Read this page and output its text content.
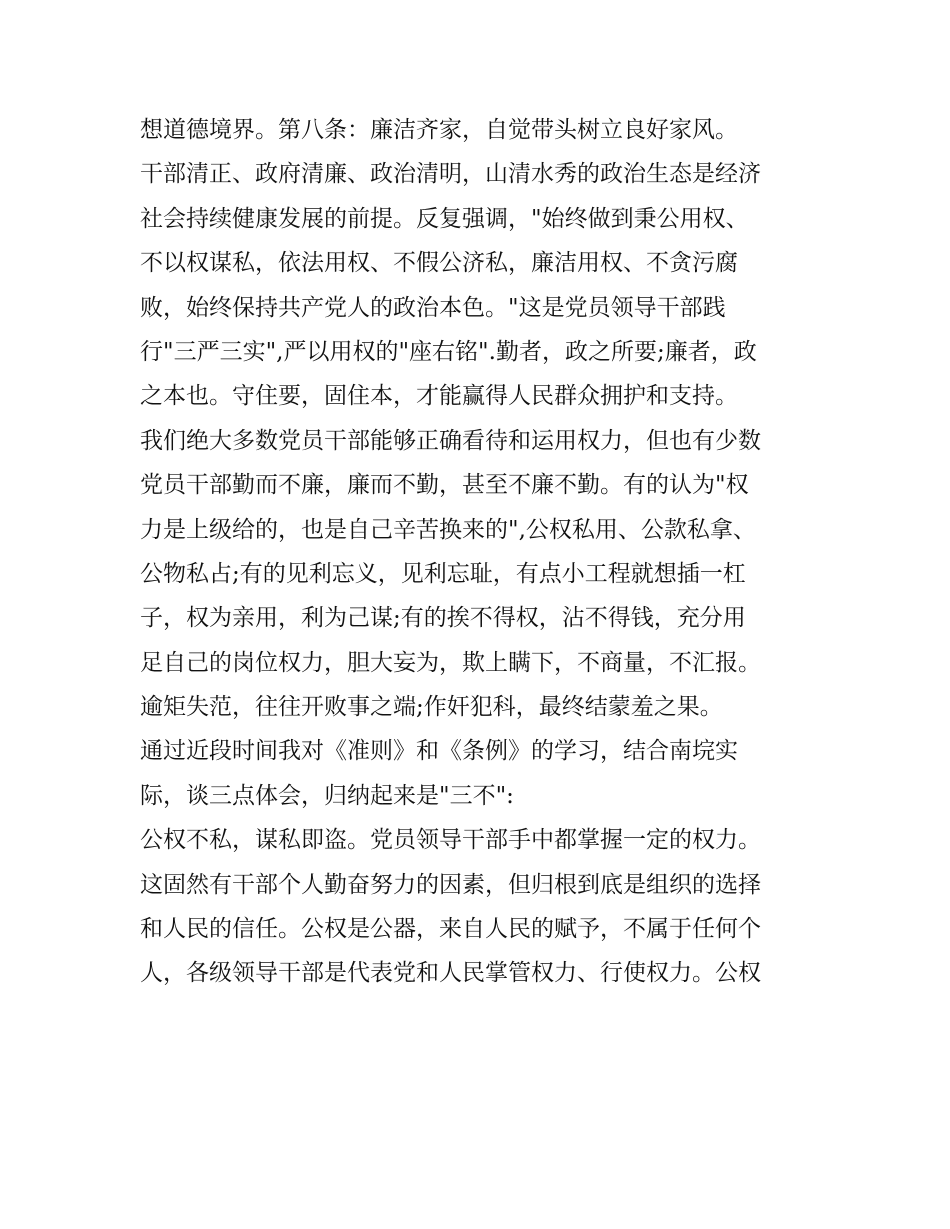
想道德境界。第八条：廉洁齐家，自觉带头树立良好家风。
干部清正、政府清廉、政治清明，山清水秀的政治生态是经济
社会持续健康发展的前提。反复强调，"始终做到秉公用权、
不以权谋私，依法用权、不假公济私，廉洁用权、不贪污腐
败，始终保持共产党人的政治本色。"这是党员领导干部践
行"三严三实",严以用权的"座右铭".勤者，政之所要;廉者，政
之本也。守住要，固住本，才能赢得人民群众拥护和支持。
我们绝大多数党员干部能够正确看待和运用权力，但也有少数
党员干部勤而不廉，廉而不勤，甚至不廉不勤。有的认为"权
力是上级给的，也是自己辛苦换来的",公权私用、公款私拿、
公物私占;有的见利忘义，见利忘耻，有点小工程就想插一杠
子，权为亲用，利为己谋;有的挨不得权，沾不得钱，充分用
足自己的岗位权力，胆大妄为，欺上瞒下，不商量，不汇报。
逾矩失范，往往开败事之端;作奸犯科，最终结蒙羞之果。
通过近段时间我对《准则》和《条例》的学习，结合南垸实
际，谈三点体会，归纳起来是"三不":
公权不私，谋私即盗。党员领导干部手中都掌握一定的权力。
这固然有干部个人勤奋努力的因素，但归根到底是组织的选择
和人民的信任。公权是公器，来自人民的赋予，不属于任何个
人，各级领导干部是代表党和人民掌管权力、行使权力。公权
